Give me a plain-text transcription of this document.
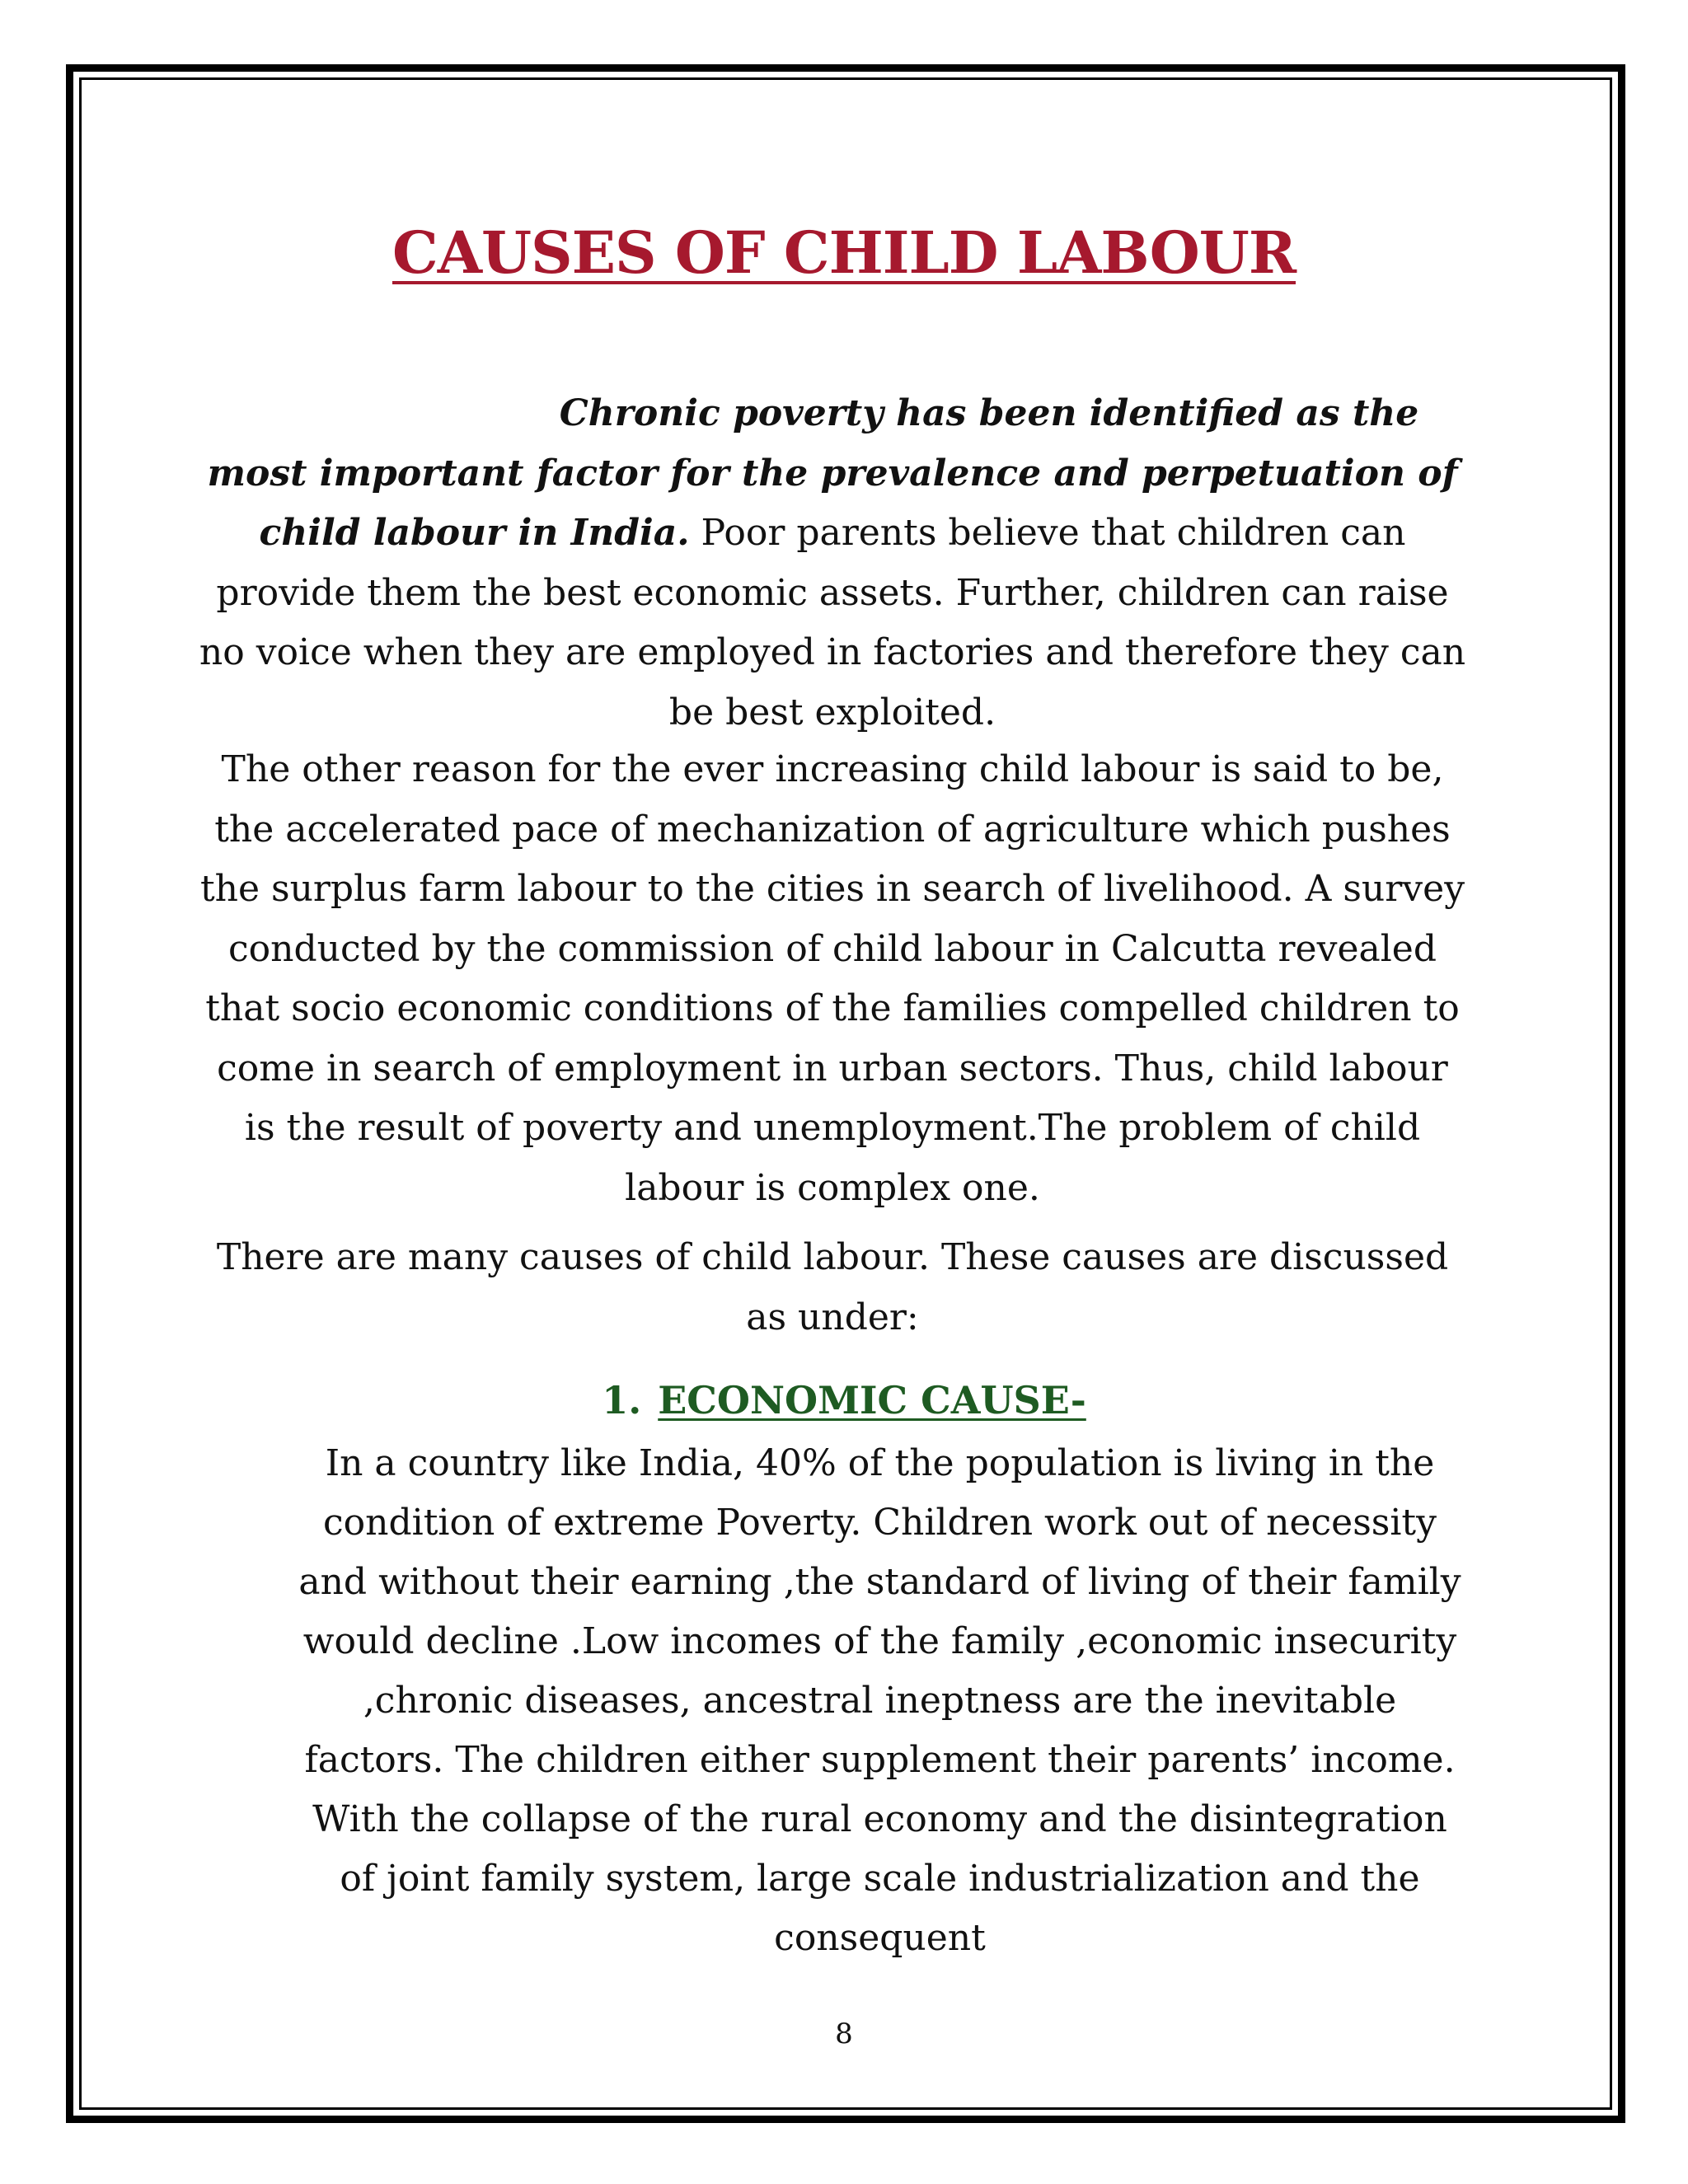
CAUSES OF CHILD LABOUR

Chronic poverty has been identified as the most important factor for the prevalence and perpetuation of child labour in India. Poor parents believe that children can provide them the best economic assets. Further, children can raise no voice when they are employed in factories and therefore they can be best exploited.

The other reason for the ever increasing child labour is said to be, the accelerated pace of mechanization of agriculture which pushes the surplus farm labour to the cities in search of livelihood. A survey conducted by the commission of child labour in Calcutta revealed that socio economic conditions of the families compelled children to come in search of employment in urban sectors. Thus, child labour is the result of poverty and unemployment.The problem of child labour is complex one.

There are many causes of child labour. These causes are discussed as under:

1. ECONOMIC CAUSE-

In a country like India, 40% of the population is living in the condition of extreme Poverty. Children work out of necessity and without their earning ,the standard of living of their family would decline .Low incomes of the family ,economic insecurity ,chronic diseases, ancestral ineptness are the inevitable factors. The children either supplement their parents’ income. With the collapse of the rural economy and the disintegration of joint family system, large scale industrialization and the consequent

8
